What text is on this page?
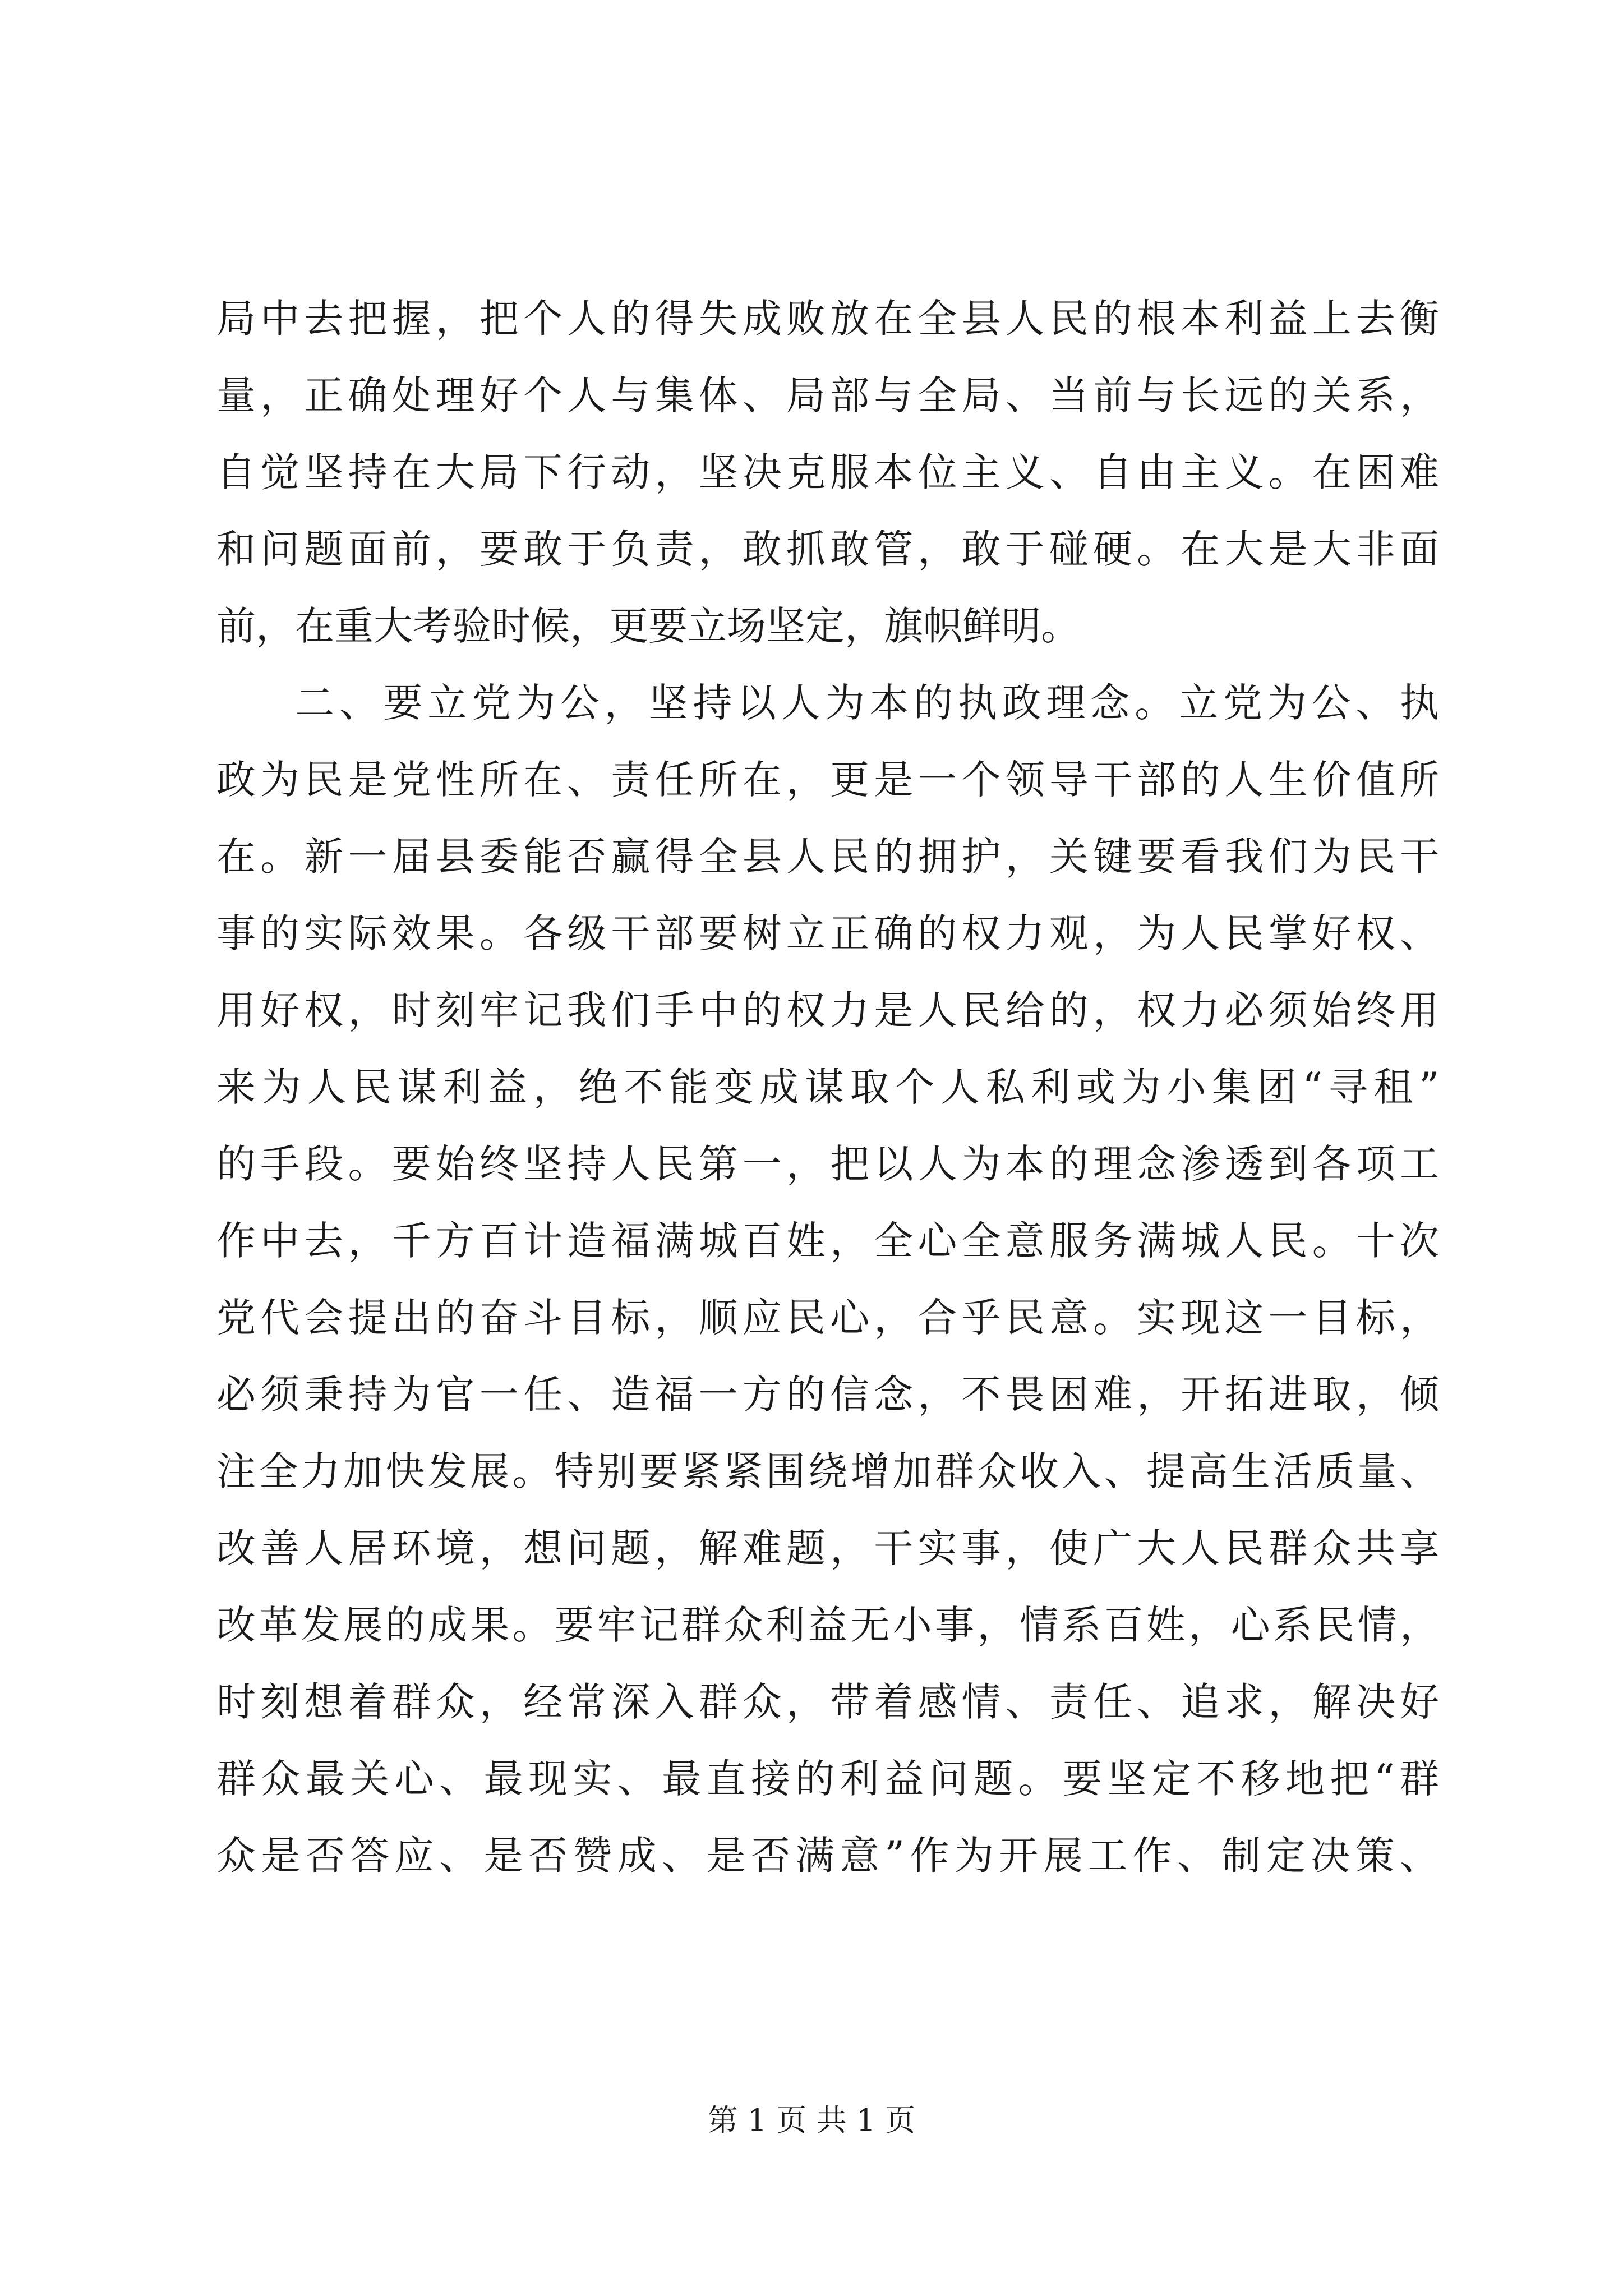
局中去把握，把个人的得失成败放在全县人民的根本利益上去衡
量，正确处理好个人与集体、局部与全局、当前与长远的关系，
自觉坚持在大局下行动，坚决克服本位主义、自由主义。在困难
和问题面前，要敢于负责，敢抓敢管，敢于碰硬。在大是大非面
前，在重大考验时候，更要立场坚定，旗帜鲜明。
二、要立党为公，坚持以人为本的执政理念。立党为公、执
政为民是党性所在、责任所在，更是一个领导干部的人生价值所
在。新一届县委能否赢得全县人民的拥护，关键要看我们为民干
事的实际效果。各级干部要树立正确的权力观，为人民掌好权、
用好权，时刻牢记我们手中的权力是人民给的，权力必须始终用
来为人民谋利益，绝不能变成谋取个人私利或为小集团“寻租”
的手段。要始终坚持人民第一，把以人为本的理念渗透到各项工
作中去，千方百计造福满城百姓，全心全意服务满城人民。十次
党代会提出的奋斗目标，顺应民心，合乎民意。实现这一目标，
必须秉持为官一任、造福一方的信念，不畏困难，开拓进取，倾
注全力加快发展。特别要紧紧围绕增加群众收入、提高生活质量、
改善人居环境，想问题，解难题，干实事，使广大人民群众共享
改革发展的成果。要牢记群众利益无小事，情系百姓，心系民情，
时刻想着群众，经常深入群众，带着感情、责任、追求，解决好
群众最关心、最现实、最直接的利益问题。要坚定不移地把“群
众是否答应、是否赞成、是否满意”作为开展工作、制定决策、
第 1 页 共 1 页
